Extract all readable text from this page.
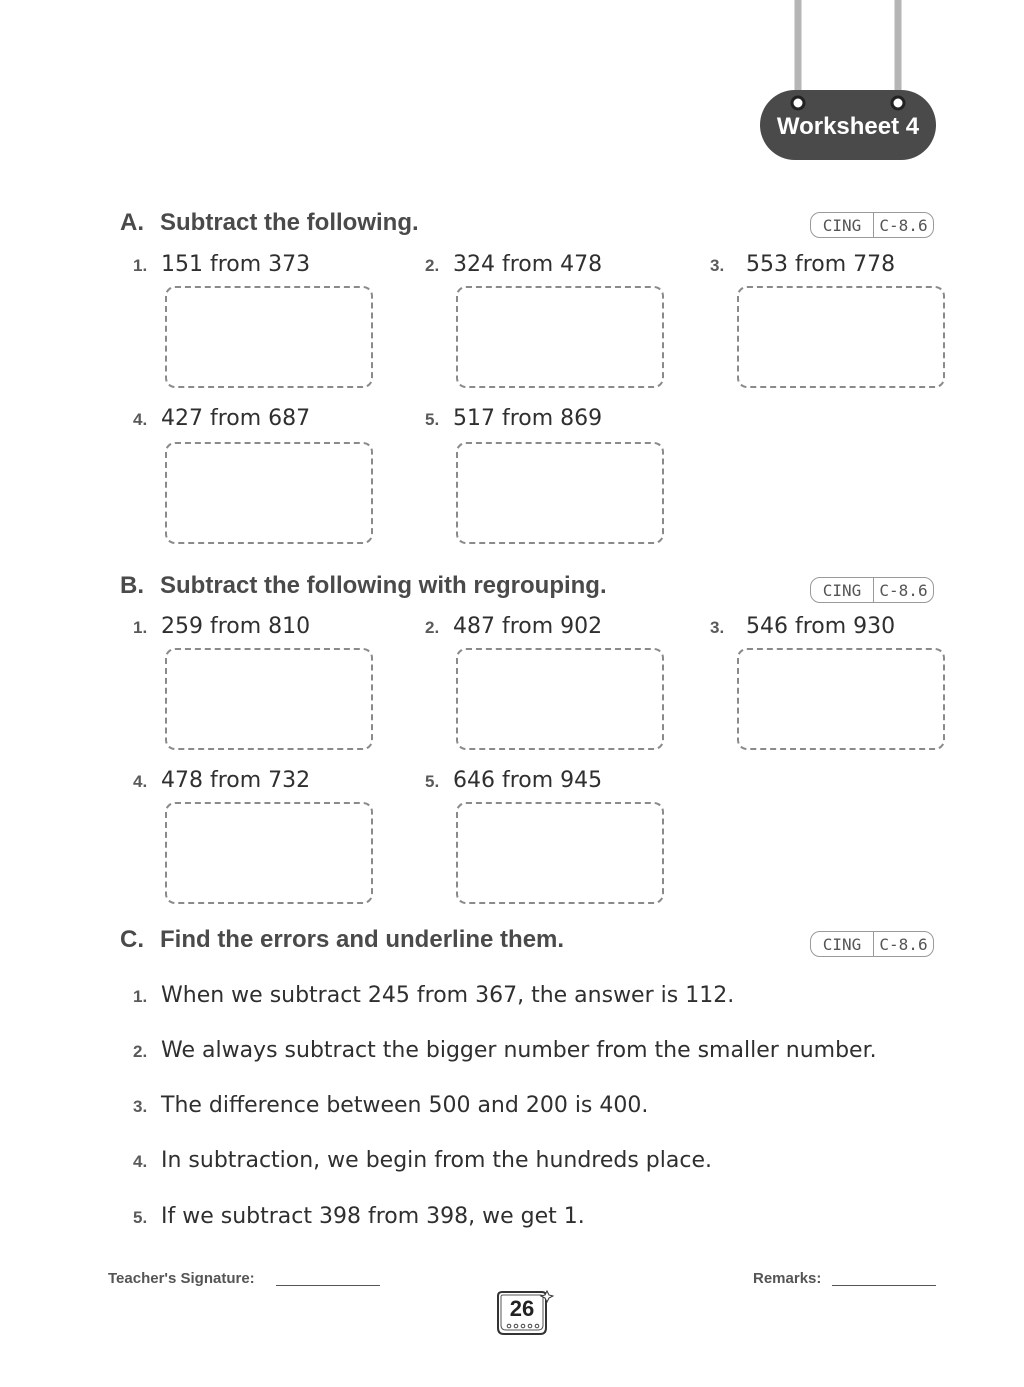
Worksheet 4
A. Subtract the following.	CING	C-8.6
1. 151 from 373	2. 324 from 478	3. 553 from 778
4. 427 from 687	5. 517 from 869
B. Subtract the following with regrouping.	CING	C-8.6
1. 259 from 810	2. 487 from 902	3. 546 from 930
4. 478 from 732	5. 646 from 945
C. Find the errors and underline them.	CING	C-8.6
1. When we subtract 245 from 367, the answer is 112.
2. We always subtract the bigger number from the smaller number.
3. The difference between 500 and 200 is 400.
4. In subtraction, we begin from the hundreds place.
5. If we subtract 398 from 398, we get 1.
Teacher's Signature:	Remarks:
26
